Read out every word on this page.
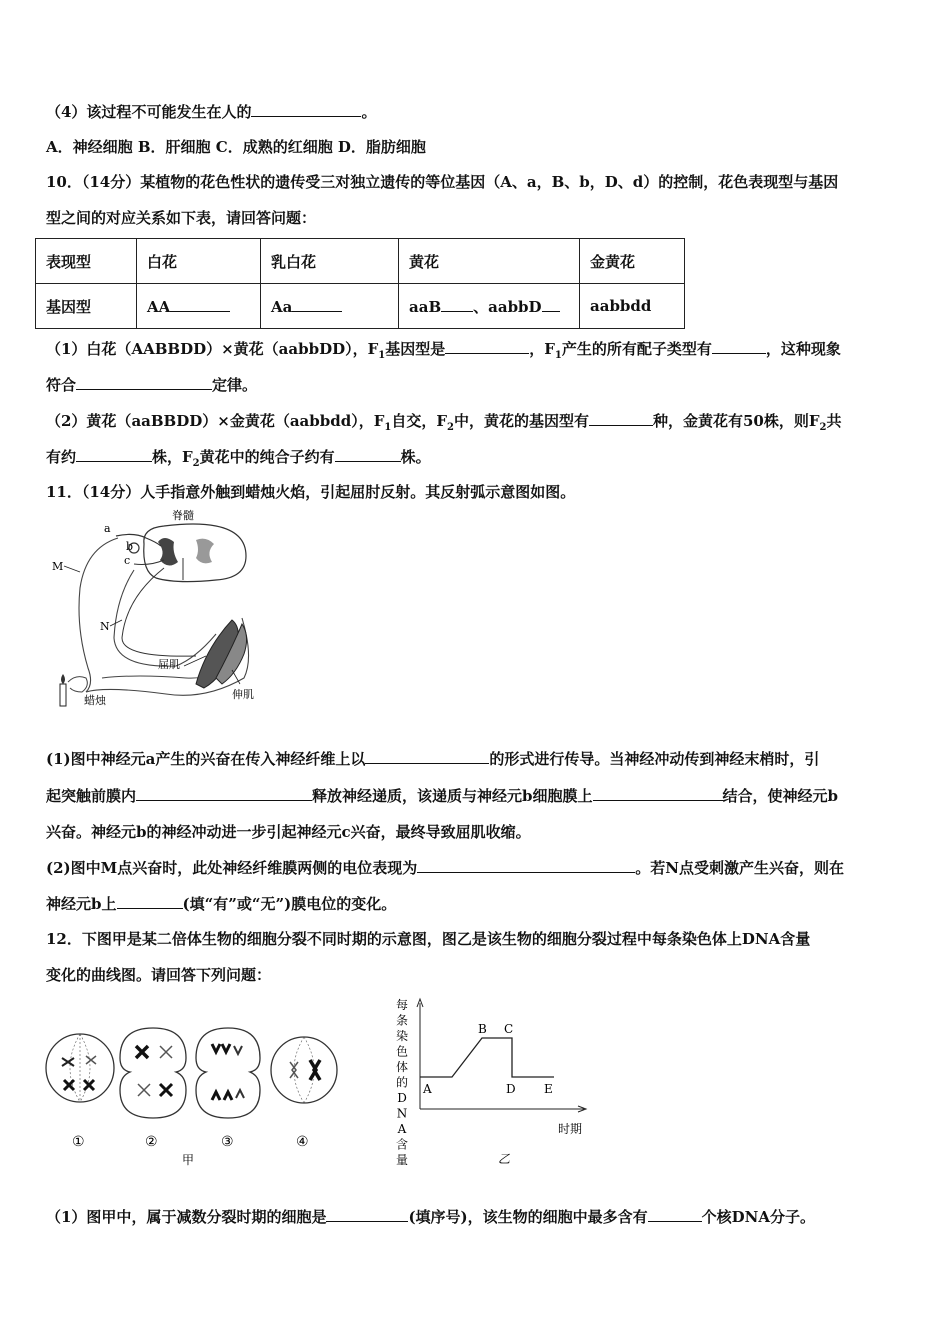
（4）该过程不可能发生在人的	。
A．神经细胞 B．肝细胞 C．成熟的红细胞 D．脂肪细胞
10．（14分）某植物的花色性状的遗传受三对独立遗传的等位基因（A、a，B、b，D、d）的控制，花色表现型与基因
型之间的对应关系如下表，请回答问题：
表现型	白花	乳白花	黄花	金黄花
基因型	AA	Aa	aaB 、aabbD	aabbdd
（1）白花（AABBDD）×黄花（aabbDD），$F_1$基因型是	，$F_1$产生的所有配子类型有	，这种现象
符合	定律。
（2）黄花（aaBBDD）×金黄花（aabbdd），$F_1$自交，$F_2$中，黄花的基因型有	种，金黄花有50株，则$F_2$共
有约	株，$F_2$黄花中的纯合子约有	株。
11．（14分）人手指意外触到蜡烛火焰，引起屈肘反射。其反射弧示意图如图。
脊髓
a
b
c
屈肌
伸肌
M
N
蜡烛
(1)图中神经元a产生的兴奋在传入神经纤维上以	的形式进行传导。当神经冲动传到神经末梢时，引
起突触前膜内	释放神经递质，该递质与神经元b细胞膜上	结合，使神经元b
兴奋。神经元b的神经冲动进一步引起神经元c兴奋，最终导致屈肌收缩。
(2)图中M点兴奋时，此处神经纤维膜两侧的电位表现为	。若N点受刺激产生兴奋，则在
神经元b上	(填“有”或“无”)膜电位的变化。
12．下图甲是某二倍体生物的细胞分裂不同时期的示意图，图乙是该生物的细胞分裂过程中每条染色体上DNA含量
变化的曲线图。请回答下列问题：
①	②	③	④
甲
每
条
染
色
体
的
D
N
A
含
量
A
B C
D E
时期
乙
（1）图甲中，属于减数分裂时期的细胞是	(填序号)，该生物的细胞中最多含有	个核DNA分子。
